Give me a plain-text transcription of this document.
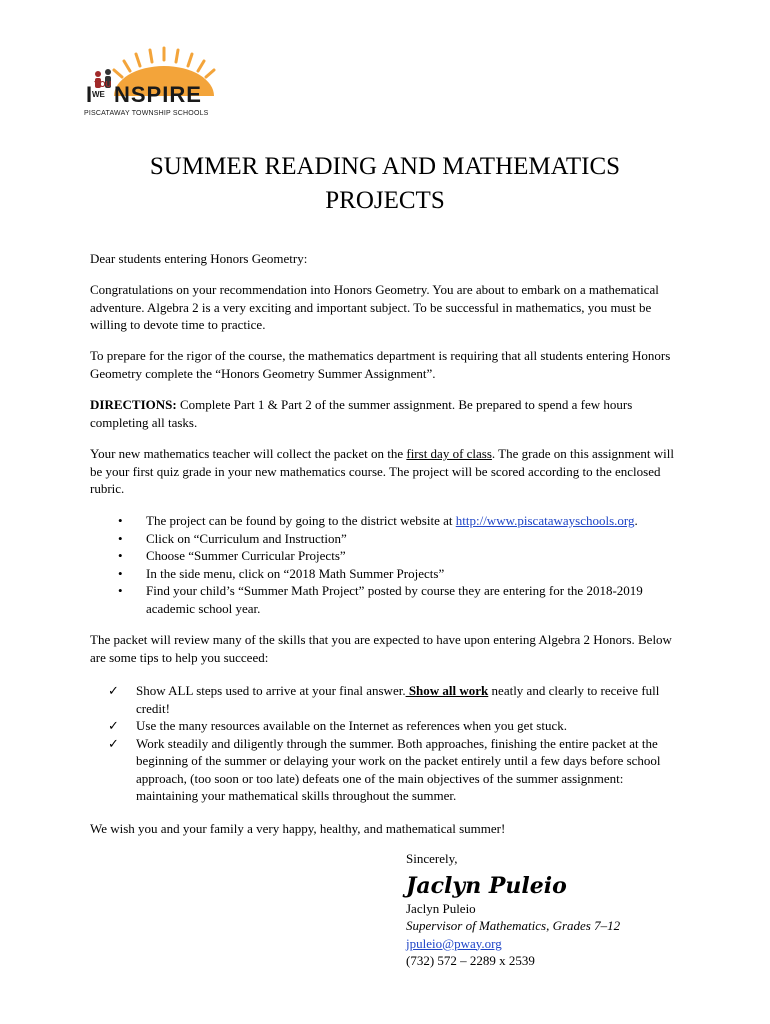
I YOU
WE NSPIRE
PISCATAWAY TOWNSHIP SCHOOLS
SUMMER READING AND MATHEMATICS
PROJECTS

Dear students entering Honors Geometry:

Congratulations on your recommendation into Honors Geometry. You are about to embark on a mathematical adventure. Algebra 2 is a very exciting and important subject. To be successful in mathematics, you must be willing to devote time to practice.

To prepare for the rigor of the course, the mathematics department is requiring that all students entering Honors Geometry complete the “Honors Geometry Summer Assignment”.

DIRECTIONS: Complete Part 1 & Part 2 of the summer assignment. Be prepared to spend a few hours completing all tasks.

Your new mathematics teacher will collect the packet on the first day of class. The grade on this assignment will be your first quiz grade in your new mathematics course. The project will be scored according to the enclosed rubric.

• The project can be found by going to the district website at http://www.piscatawayschools.org.
• Click on “Curriculum and Instruction”
• Choose “Summer Curricular Projects”
• In the side menu, click on “2018 Math Summer Projects”
• Find your child’s “Summer Math Project” posted by course they are entering for the 2018-2019 academic school year.

The packet will review many of the skills that you are expected to have upon entering Algebra 2 Honors. Below are some tips to help you succeed:

✓ Show ALL steps used to arrive at your final answer. Show all work neatly and clearly to receive full credit!
✓ Use the many resources available on the Internet as references when you get stuck.
✓ Work steadily and diligently through the summer. Both approaches, finishing the entire packet at the beginning of the summer or delaying your work on the packet entirely until a few days before school approach, (too soon or too late) defeats one of the main objectives of the summer assignment: maintaining your mathematical skills throughout the summer.

We wish you and your family a very happy, healthy, and mathematical summer!

Sincerely,
Jaclyn Puleio
Jaclyn Puleio
Supervisor of Mathematics, Grades 7–12
jpuleio@pway.org
(732) 572 – 2289 x 2539
